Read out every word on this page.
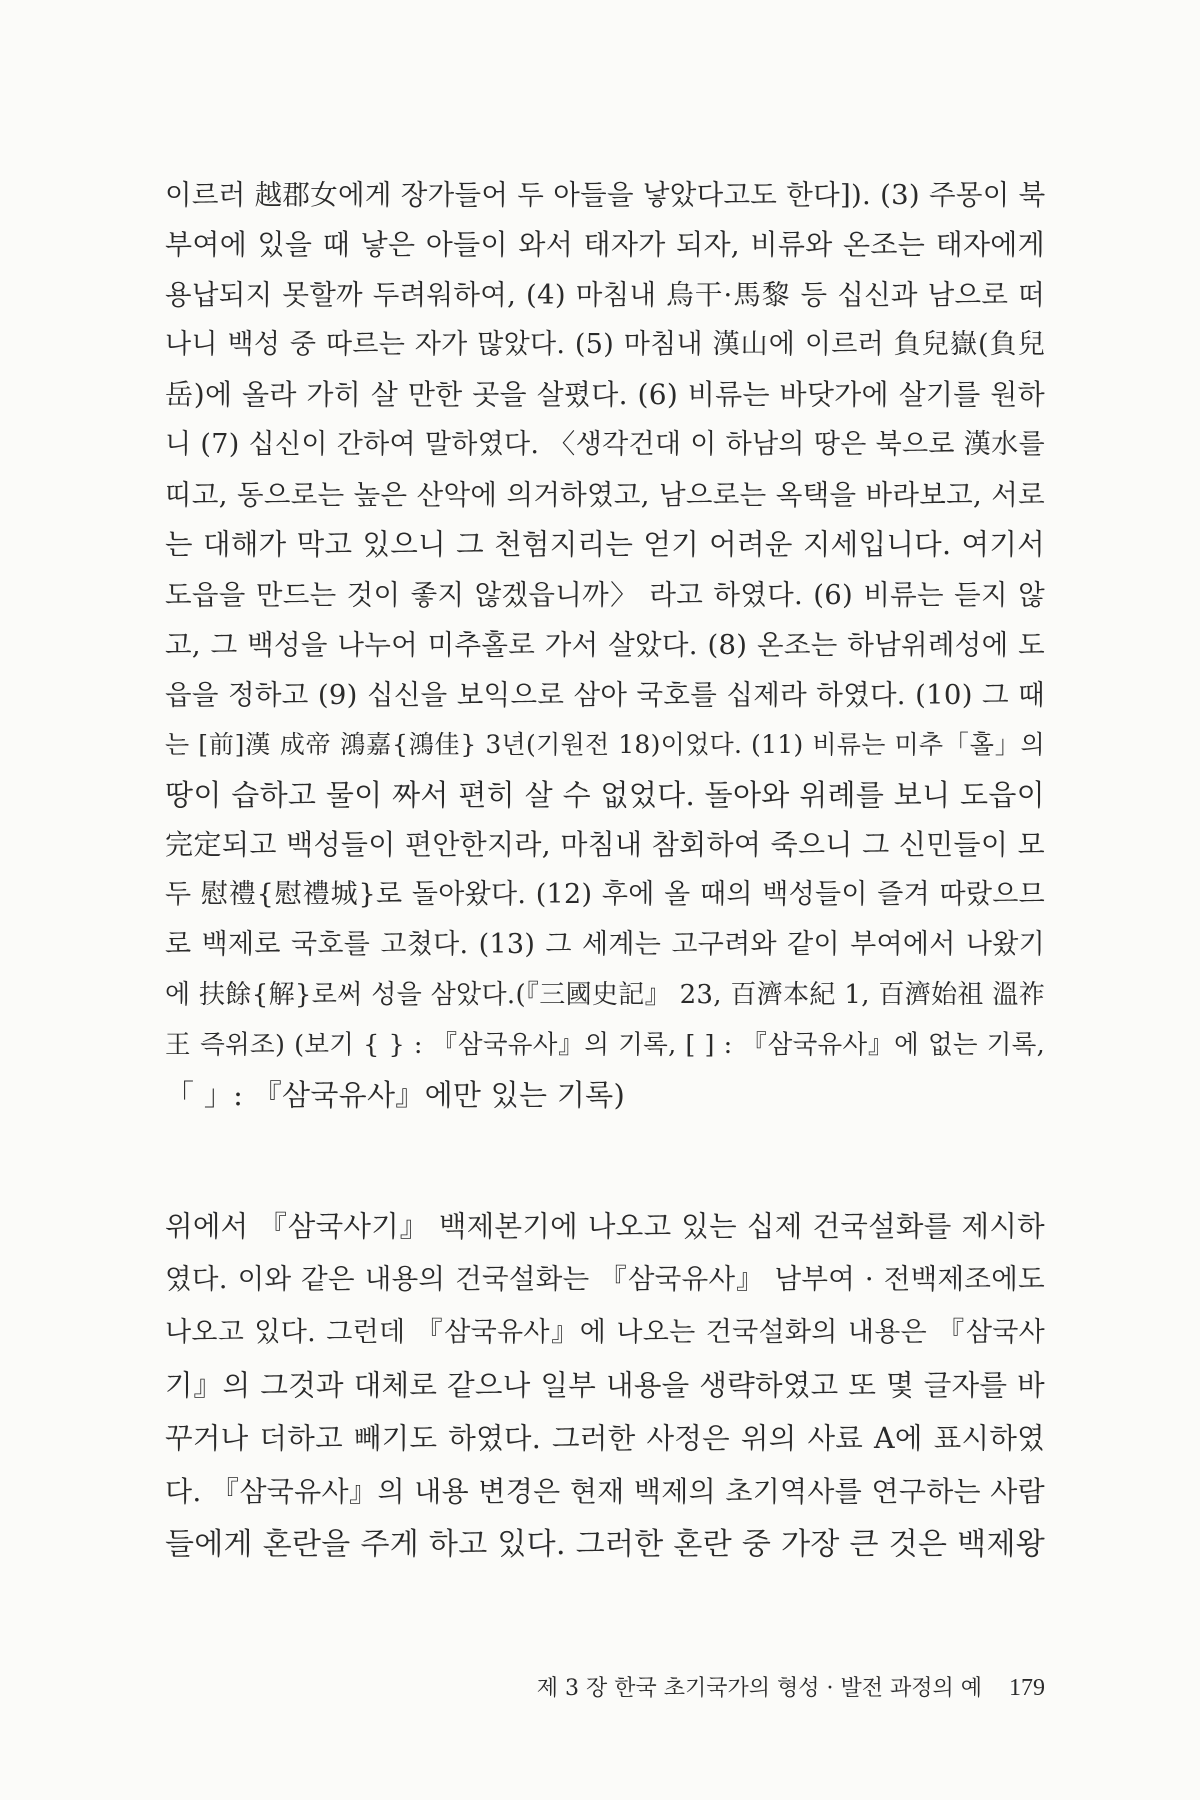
이르러 越郡女에게 장가들어 두 아들을 낳았다고도 한다]). (3) 주몽이 북
부여에 있을 때 낳은 아들이 와서 태자가 되자, 비류와 온조는 태자에게
용납되지 못할까 두려워하여, (4) 마침내 烏干·馬黎 등 십신과 남으로 떠
나니 백성 중 따르는 자가 많았다. (5) 마침내 漢山에 이르러 負兒嶽(負兒
岳)에 올라 가히 살 만한 곳을 살폈다. (6) 비류는 바닷가에 살기를 원하
니 (7) 십신이 간하여 말하였다. 〈생각건대 이 하남의 땅은 북으로 漢水를
띠고, 동으로는 높은 산악에 의거하였고, 남으로는 옥택을 바라보고, 서로
는 대해가 막고 있으니 그 천험지리는 얻기 어려운 지세입니다. 여기서
도읍을 만드는 것이 좋지 않겠읍니까〉 라고 하였다. (6) 비류는 듣지 않
고, 그 백성을 나누어 미추홀로 가서 살았다. (8) 온조는 하남위례성에 도
읍을 정하고 (9) 십신을 보익으로 삼아 국호를 십제라 하였다. (10) 그 때
는 [前]漢 成帝 鴻嘉{鴻佳} 3년(기원전 18)이었다. (11) 비류는 미추「홀」의
땅이 습하고 물이 짜서 편히 살 수 없었다. 돌아와 위례를 보니 도읍이
完定되고 백성들이 편안한지라, 마침내 참회하여 죽으니 그 신민들이 모
두 慰禮{慰禮城}로 돌아왔다. (12) 후에 올 때의 백성들이 즐겨 따랐으므
로 백제로 국호를 고쳤다. (13) 그 세계는 고구려와 같이 부여에서 나왔기
에 扶餘{解}로써 성을 삼았다.(『三國史記』 23, 百濟本紀 1, 百濟始祖 溫祚
王 즉위조) (보기 { } : 『삼국유사』의 기록, [ ] : 『삼국유사』에 없는 기록,
「 」: 『삼국유사』에만 있는 기록)
위에서 『삼국사기』 백제본기에 나오고 있는 십제 건국설화를 제시하
였다. 이와 같은 내용의 건국설화는 『삼국유사』 남부여 · 전백제조에도
나오고 있다. 그런데 『삼국유사』에 나오는 건국설화의 내용은 『삼국사
기』의 그것과 대체로 같으나 일부 내용을 생략하였고 또 몇 글자를 바
꾸거나 더하고 빼기도 하였다. 그러한 사정은 위의 사료 A에 표시하였
다. 『삼국유사』의 내용 변경은 현재 백제의 초기역사를 연구하는 사람
들에게 혼란을 주게 하고 있다. 그러한 혼란 중 가장 큰 것은 백제왕
제 3 장 한국 초기국가의 형성 · 발전 과정의 예 179
